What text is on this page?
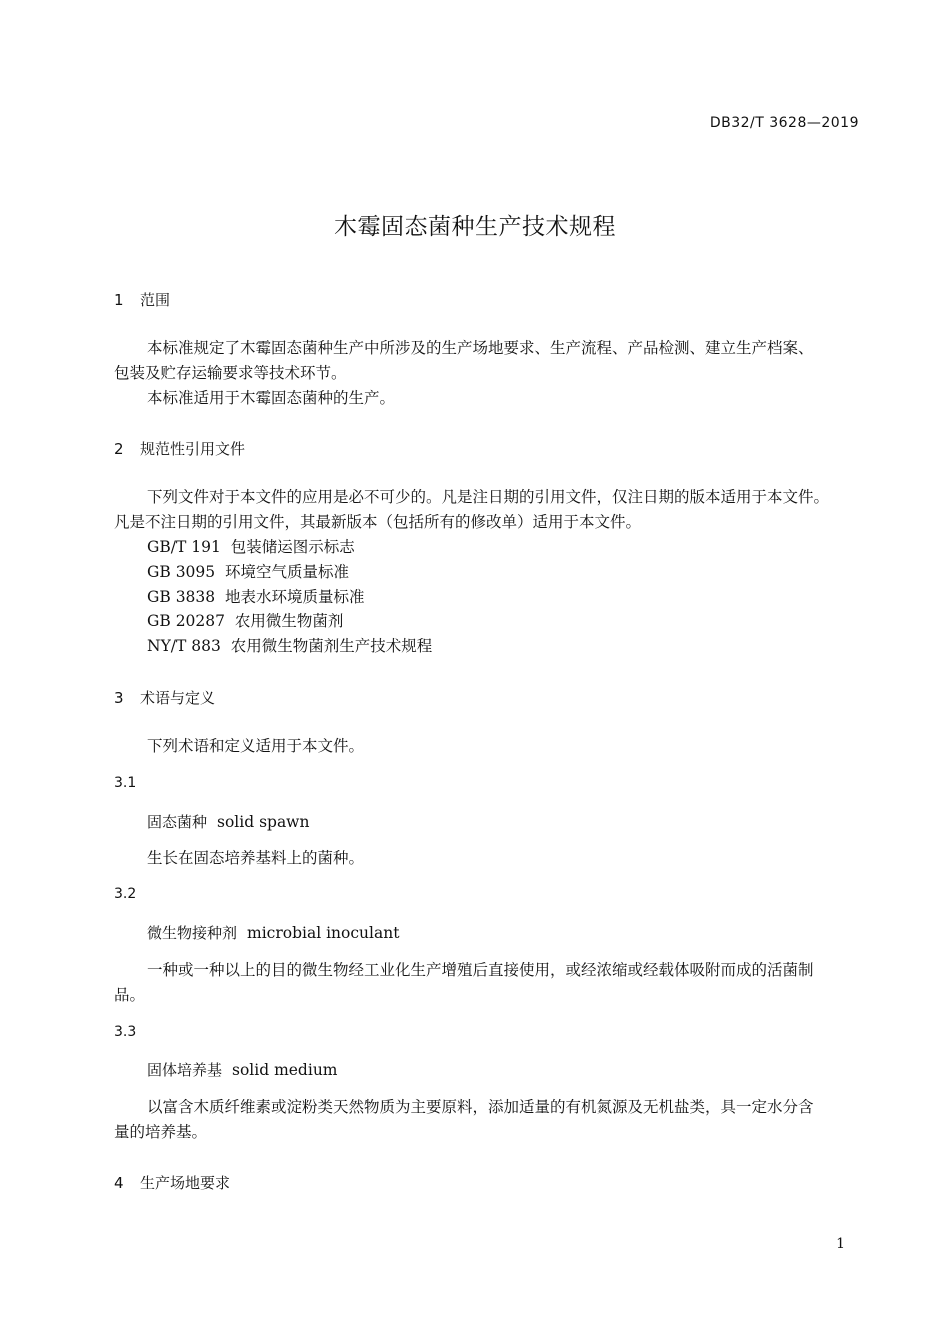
DB32/T 3628—2019
木霉固态菌种生产技术规程
1 范围
本标准规定了木霉固态菌种生产中所涉及的生产场地要求、生产流程、产品检测、建立生产档案、
包装及贮存运输要求等技术环节。
本标准适用于木霉固态菌种的生产。
2 规范性引用文件
下列文件对于本文件的应用是必不可少的。凡是注日期的引用文件，仅注日期的版本适用于本文件。
凡是不注日期的引用文件，其最新版本（包括所有的修改单）适用于本文件。
GB/T 191 包装储运图示标志
GB 3095 环境空气质量标准
GB 3838 地表水环境质量标准
GB 20287 农用微生物菌剂
NY/T 883 农用微生物菌剂生产技术规程
3 术语与定义
下列术语和定义适用于本文件。
3.1
固态菌种 solid spawn
生长在固态培养基料上的菌种。
3.2
微生物接种剂 microbial inoculant
一种或一种以上的目的微生物经工业化生产增殖后直接使用，或经浓缩或经载体吸附而成的活菌制
品。
3.3
固体培养基 solid medium
以富含木质纤维素或淀粉类天然物质为主要原料，添加适量的有机氮源及无机盐类，具一定水分含
量的培养基。
4 生产场地要求
1
